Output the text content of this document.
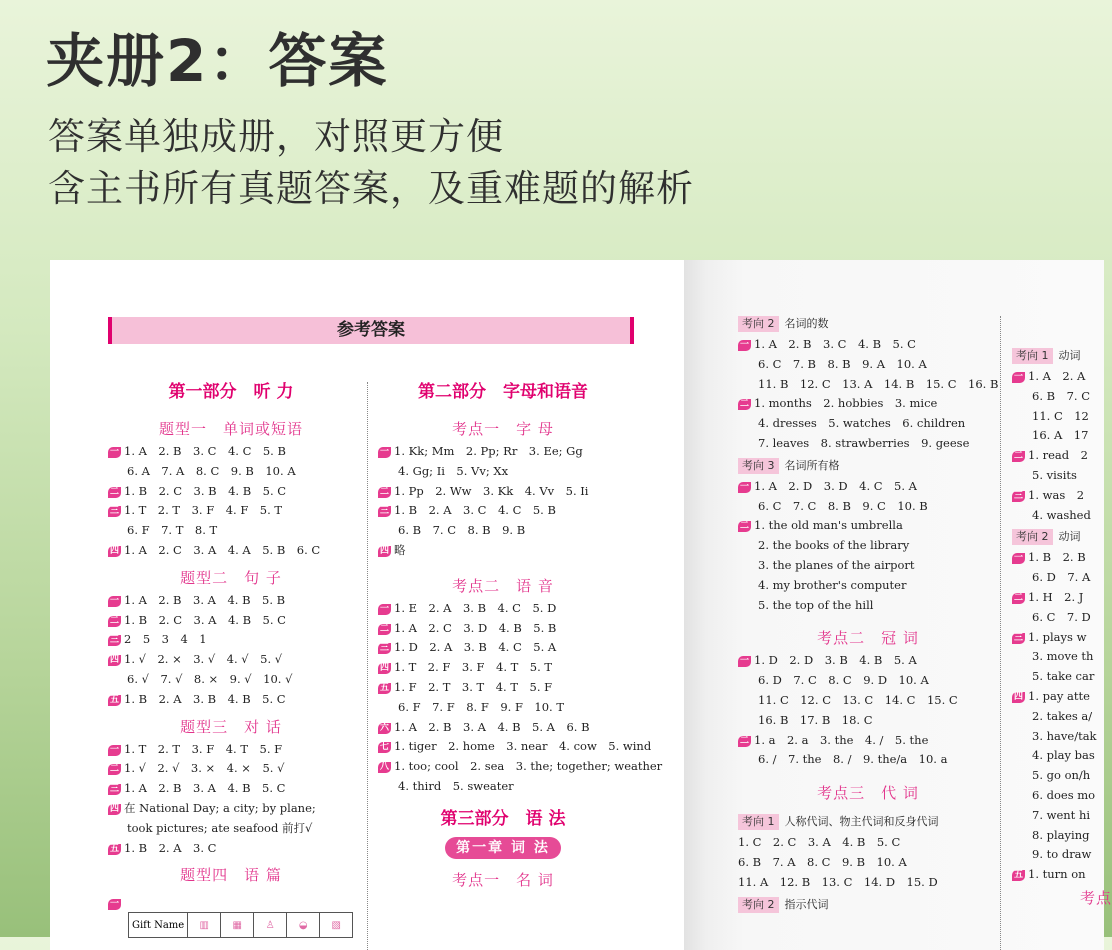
夹册2：答案
答案单独成册，对照更方便
含主书所有真题答案，及重难题的解析
参考答案
第一部分　听 力
题型一　单词或短语
一 1. A　2. B　3. C　4. C　5. B
6. A　7. A　8. C　9. B　10. A
二 1. B　2. C　3. B　4. B　5. C
三 1. T　2. T　3. F　4. F　5. T
6. F　7. T　8. T
四 1. A　2. C　3. A　4. A　5. B　6. C
题型二　句 子
一 1. A　2. B　3. A　4. B　5. B
二 1. B　2. C　3. A　4. B　5. C
三 2　5　3　4　1
四 1. √　2. ×　3. √　4. √　5. √
6. √　7. √　8. ×　9. √　10. √
五 1. B　2. A　3. B　4. B　5. C
题型三　对 话
一 1. T　2. T　3. F　4. T　5. F
二 1. √　2. √　3. ×　4. ×　5. √
三 1. A　2. B　3. A　4. B　5. C
四 在 National Day; a city; by plane;
took pictures; ate seafood 前打√
五 1. B　2. A　3. C
题型四　语 篇
一
Gift Name	▥	▦	♙	◒	▧
第二部分　字母和语音
考点一　字 母
一 1. Kk; Mm　2. Pp; Rr　3. Ee; Gg
4. Gg; Ii　5. Vv; Xx
二 1. Pp　2. Ww　3. Kk　4. Vv　5. Ii
三 1. B　2. A　3. C　4. C　5. B
6. B　7. C　8. B　9. B
四 略
考点二　语 音
一 1. E　2. A　3. B　4. C　5. D
二 1. A　2. C　3. D　4. B　5. B
三 1. D　2. A　3. B　4. C　5. A
四 1. T　2. F　3. F　4. T　5. T
五 1. F　2. T　3. T　4. T　5. F
6. F　7. F　8. F　9. F　10. T
六 1. A　2. B　3. A　4. B　5. A　6. B
七 1. tiger　2. home　3. near　4. cow　5. wind
八 1. too; cool　2. sea　3. the; together; weather
4. third　5. sweater
第三部分　语 法
第一章 词 法
考点一　名 词
考向 2 名词的数
一 1. A　2. B　3. C　4. B　5. C
6. C　7. B　8. B　9. A　10. A
11. B　12. C　13. A　14. B　15. C　16. B
二 1. months　2. hobbies　3. mice
4. dresses　5. watches　6. children
7. leaves　8. strawberries　9. geese
考向 3 名词所有格
一 1. A　2. D　3. D　4. C　5. A
6. C　7. C　8. B　9. C　10. B
二 1. the old man's umbrella
2. the books of the library
3. the planes of the airport
4. my brother's computer
5. the top of the hill
考点二　冠 词
一 1. D　2. D　3. B　4. B　5. A
6. D　7. C　8. C　9. D　10. A
11. C　12. C　13. C　14. C　15. C
16. B　17. B　18. C
二 1. a　2. a　3. the　4. /　5. the
6. /　7. the　8. /　9. the/a　10. a
考点三　代 词
考向 1 人称代词、物主代词和反身代词
1. C　2. C　3. A　4. B　5. C
6. B　7. A　8. C　9. B　10. A
11. A　12. B　13. C　14. D　15. D
考向 2 指示代词
考向 1 动词
一 1. A　2. A
6. B　7. C
11. C　12
16. A　17
二 1. read　2
5. visits
三 1. was　2
4. washed
考向 2 动词
一 1. B　2. B
6. D　7. A
二 1. H　2. J
6. C　7. D
三 1. plays w
3. move th
5. take car
四 1. pay atte
2. takes a/
3. have/tak
4. play bas
5. go on/h
6. does mo
7. went hi
8. playing
9. to draw
五 1. turn on
考点
